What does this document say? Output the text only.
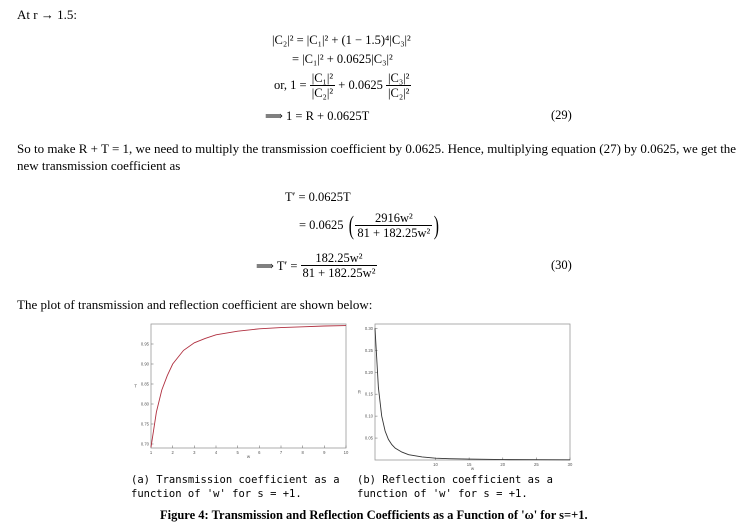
At r → 1.5:
|C₂|² = |C₁|² + (1 − 1.5)⁴|C₃|²
= |C₁|² + 0.0625|C₃|²
or, $1 = \frac{\text{|C₁|²}}{\text{|C₂|²}} + 0.0625 \frac{\text{|C₃|²}}{\text{|C₂|²}}$
⟹ 1 = R + 0.0625T	(29)
So to make R + T = 1, we need to multiply the transmission coefficient by 0.0625. Hence, multiplying equation (27) by 0.0625, we get the new transmission coefficient as
T′ = 0.0625T
= 0.0625 ( $\frac{\text{2916w²}}{\text{81 + 182.25w²}}$ )
⟹ $T' = \frac{\text{182.25w²}}{\text{81 + 182.25w²}}$	(30)
The plot of transmission and reflection coefficient are shown below:
1	2	3	4	5	6	7	8	9	10
0.70
0.75
0.80
0.85
0.90
0.95
w
T
10	15	20	25	30
0.05
0.10
0.15
0.20
0.25
0.30
w
R
(a) Transmission coefficient as a function of 'w' for s = +1.
(b) Reflection coefficient as a function of 'w' for s = +1.
Figure 4: Transmission and Reflection Coefficients as a Function of 'ω' for s=+1.
